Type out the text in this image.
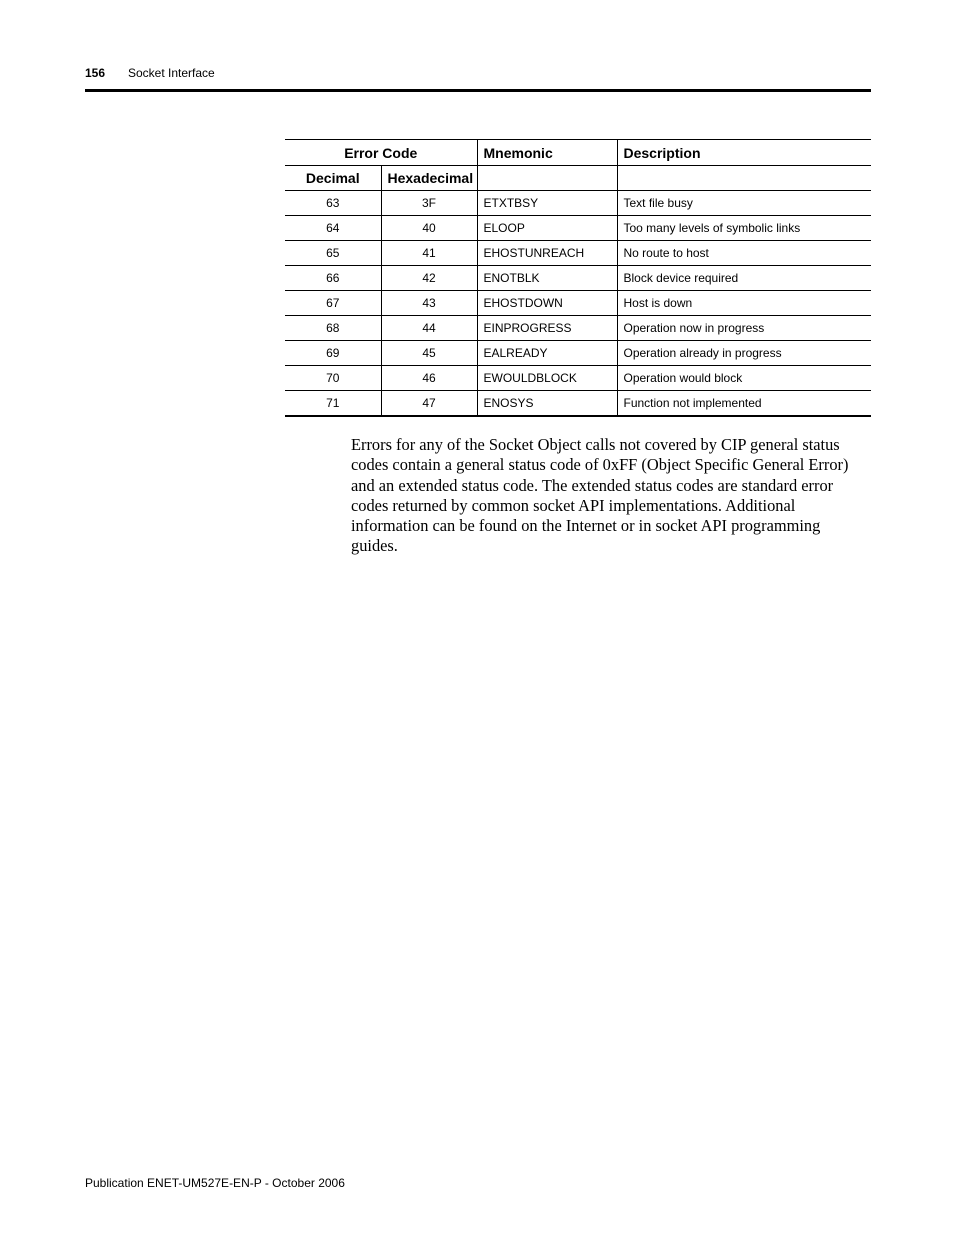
156 Socket Interface
Error Code		Mnemonic	Description
Decimal	Hexadecimal		
63	3F	ETXTBSY	Text file busy
64	40	ELOOP	Too many levels of symbolic links
65	41	EHOSTUNREACH	No route to host
66	42	ENOTBLK	Block device required
67	43	EHOSTDOWN	Host is down
68	44	EINPROGRESS	Operation now in progress
69	45	EALREADY	Operation already in progress
70	46	EWOULDBLOCK	Operation would block
71	47	ENOSYS	Function not implemented

Errors for any of the Socket Object calls not covered by CIP general status codes contain a general status code of 0xFF (Object Specific General Error) and an extended status code. The extended status codes are standard error codes returned by common socket API implementations. Additional information can be found on the Internet or in socket API programming guides.

Publication ENET-UM527E-EN-P - October 2006
